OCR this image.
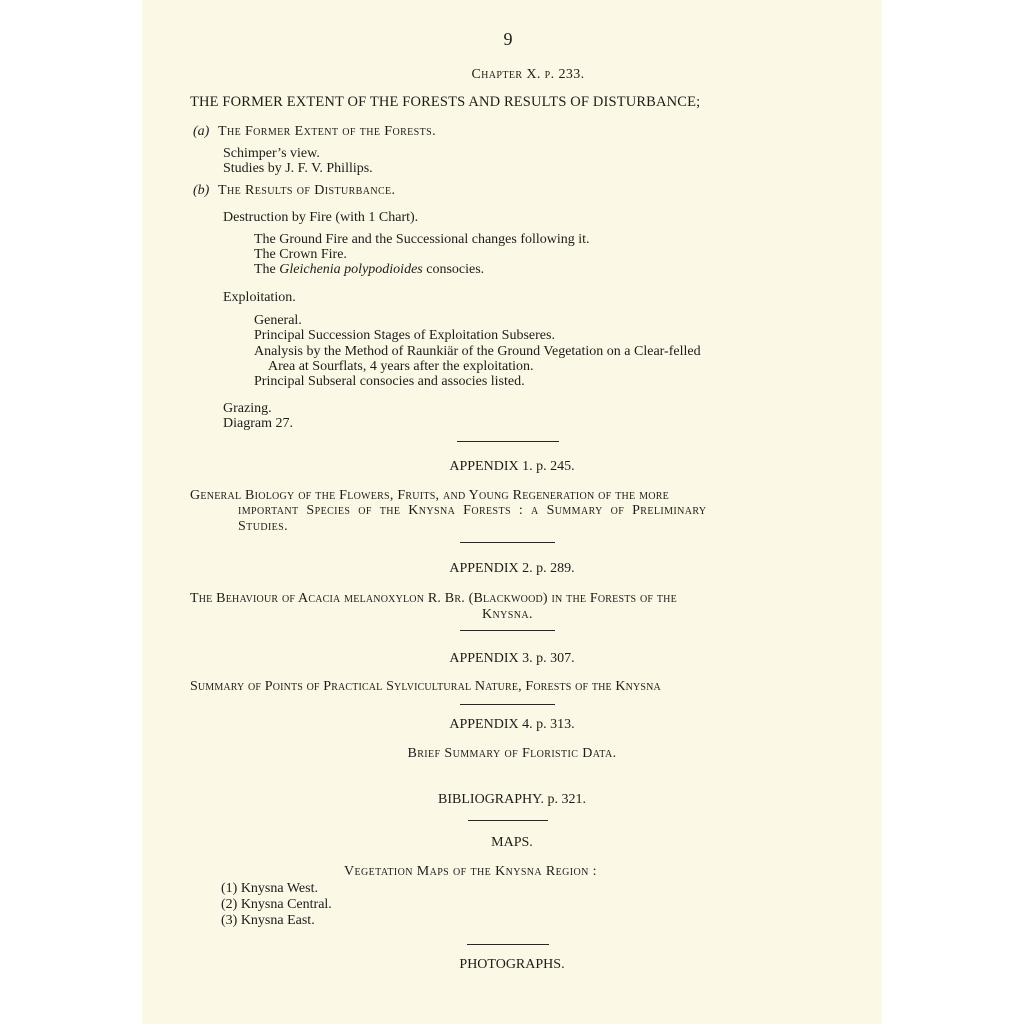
9
Chapter X. p. 233.
THE FORMER EXTENT OF THE FORESTS AND RESULTS OF DISTURBANCE;
(a) The Former Extent of the Forests.
Schimper’s view.
Studies by J. F. V. Phillips.
(b) The Results of Disturbance.
Destruction by Fire (with 1 Chart).
The Ground Fire and the Successional changes following it.
The Crown Fire.
The Gleichenia polypodioides consocies.
Exploitation.
General.
Principal Succession Stages of Exploitation Subseres.
Analysis by the Method of Raunkiär of the Ground Vegetation on a Clear-felled
Area at Sourflats, 4 years after the exploitation.
Principal Subseral consocies and associes listed.
Grazing.
Diagram 27.
APPENDIX 1. p. 245.
General Biology of the Flowers, Fruits, and Young Regeneration of the more
important Species of the Knysna Forests : a Summary of Preliminary
Studies.
APPENDIX 2. p. 289.
The Behaviour of Acacia melanoxylon R. Br. (Blackwood) in the Forests of the
Knysna.
APPENDIX 3. p. 307.
Summary of Points of Practical Sylvicultural Nature, Forests of the Knysna
APPENDIX 4. p. 313.
Brief Summary of Floristic Data.
BIBLIOGRAPHY. p. 321.
MAPS.
Vegetation Maps of the Knysna Region :
(1) Knysna West.
(2) Knysna Central.
(3) Knysna East.
PHOTOGRAPHS.
